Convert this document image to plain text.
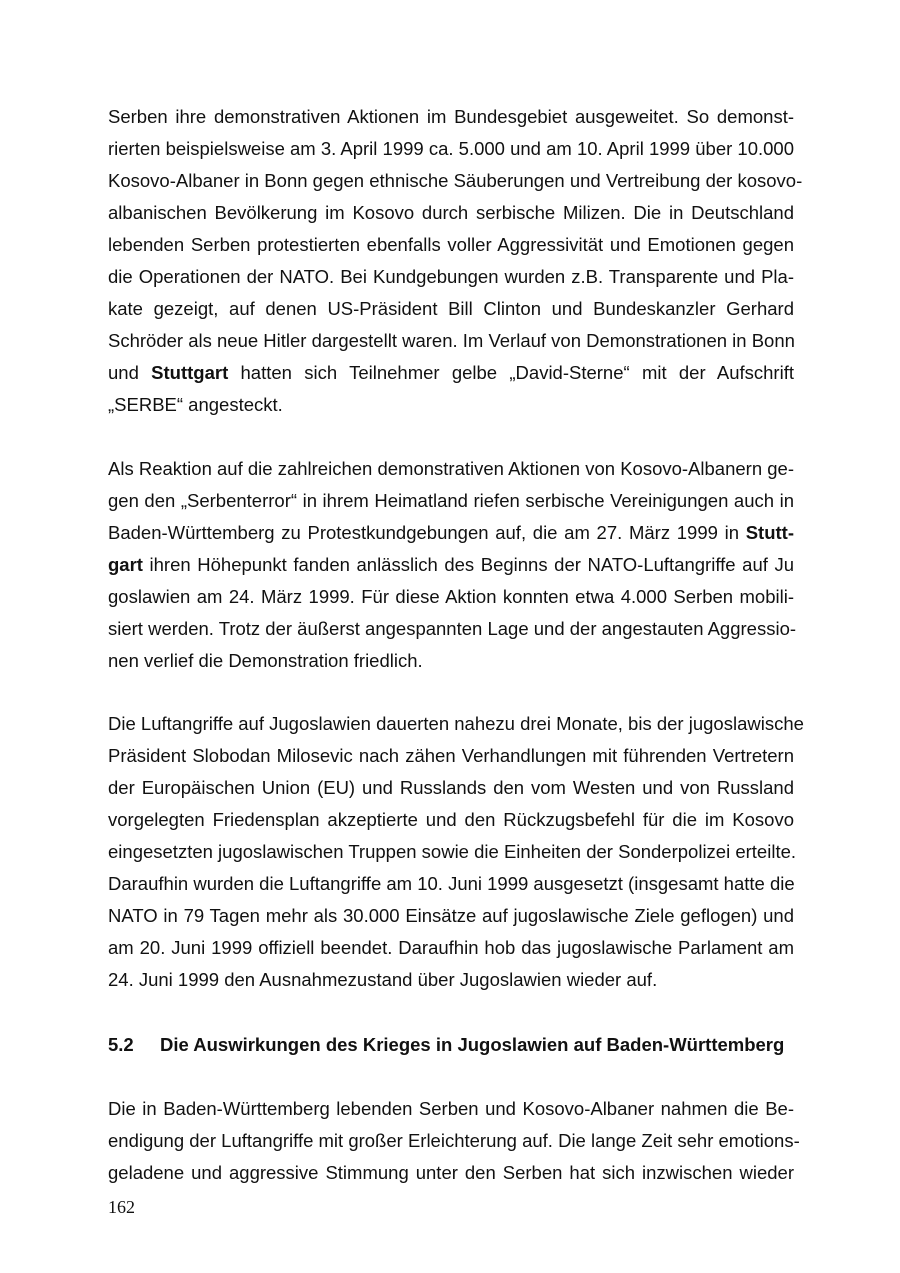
Serben ihre demonstrativen Aktionen im Bundesgebiet ausgeweitet. So demonst-
rierten beispielsweise am 3. April 1999 ca. 5.000 und am 10. April 1999 über 10.000
Kosovo-Albaner in Bonn gegen ethnische Säuberungen und Vertreibung der kosovo-
albanischen Bevölkerung im Kosovo durch serbische Milizen. Die in Deutschland
lebenden Serben protestierten ebenfalls voller Aggressivität und Emotionen gegen
die Operationen der NATO. Bei Kundgebungen wurden z.B. Transparente und Pla-
kate gezeigt, auf denen US-Präsident Bill Clinton und Bundeskanzler Gerhard
Schröder als neue Hitler dargestellt waren. Im Verlauf von Demonstrationen in Bonn
und Stuttgart hatten sich Teilnehmer gelbe „David-Sterne“ mit der Aufschrift
„SERBE“ angesteckt.
Als Reaktion auf die zahlreichen demonstrativen Aktionen von Kosovo-Albanern ge-
gen den „Serbenterror“ in ihrem Heimatland riefen serbische Vereinigungen auch in
Baden-Württemberg zu Protestkundgebungen auf, die am 27. März 1999 in Stutt-
gart ihren Höhepunkt fanden anlässlich des Beginns der NATO-Luftangriffe auf Ju
goslawien am 24. März 1999. Für diese Aktion konnten etwa 4.000 Serben mobili-
siert werden. Trotz der äußerst angespannten Lage und der angestauten Aggressio-
nen verlief die Demonstration friedlich.
Die Luftangriffe auf Jugoslawien dauerten nahezu drei Monate, bis der jugoslawische
Präsident Slobodan Milosevic nach zähen Verhandlungen mit führenden Vertretern
der Europäischen Union (EU) und Russlands den vom Westen und von Russland
vorgelegten Friedensplan akzeptierte und den Rückzugsbefehl für die im Kosovo
eingesetzten jugoslawischen Truppen sowie die Einheiten der Sonderpolizei erteilte.
Daraufhin wurden die Luftangriffe am 10. Juni 1999 ausgesetzt (insgesamt hatte die
NATO in 79 Tagen mehr als 30.000 Einsätze auf jugoslawische Ziele geflogen) und
am 20. Juni 1999 offiziell beendet. Daraufhin hob das jugoslawische Parlament am
24. Juni 1999 den Ausnahmezustand über Jugoslawien wieder auf.
5.2 Die Auswirkungen des Krieges in Jugoslawien auf Baden-Württemberg
Die in Baden-Württemberg lebenden Serben und Kosovo-Albaner nahmen die Be-
endigung der Luftangriffe mit großer Erleichterung auf. Die lange Zeit sehr emotions-
geladene und aggressive Stimmung unter den Serben hat sich inzwischen wieder
162
